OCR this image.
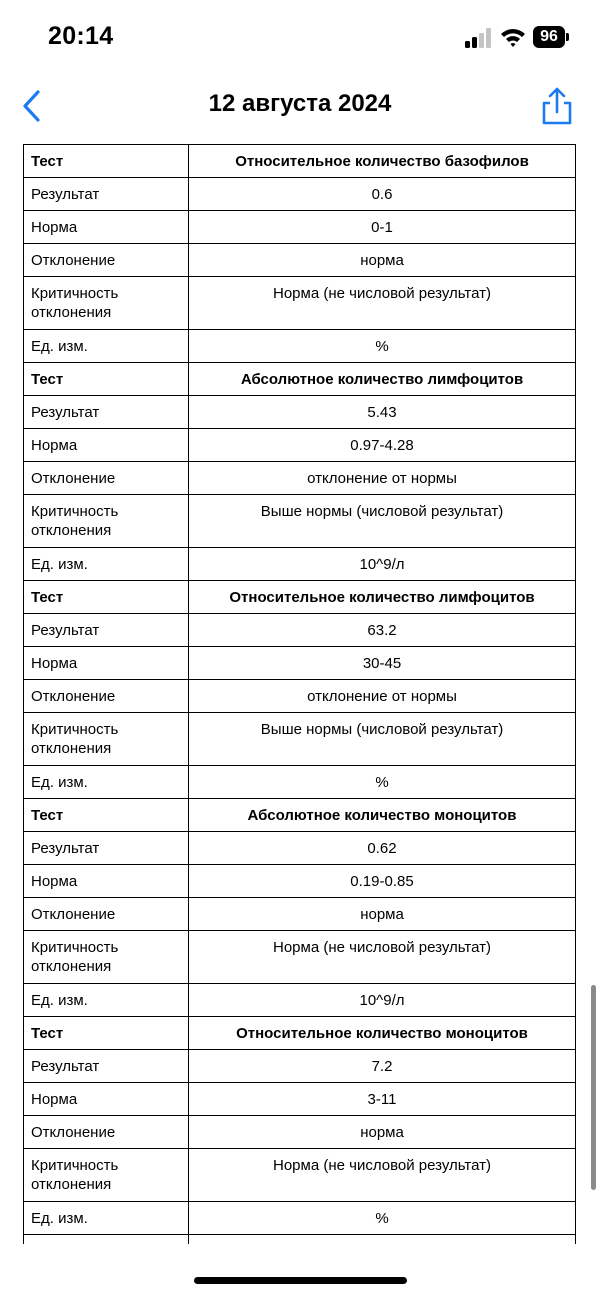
20:14	96
12 августа 2024
Тест	Относительное количество базофилов
Результат	0.6
Норма	0-1
Отклонение	норма
Критичность отклонения	Норма (не числовой результат)
Ед. изм.	%
Тест	Абсолютное количество лимфоцитов
Результат	5.43
Норма	0.97-4.28
Отклонение	отклонение от нормы
Критичность отклонения	Выше нормы (числовой результат)
Ед. изм.	10^9/л
Тест	Относительное количество лимфоцитов
Результат	63.2
Норма	30-45
Отклонение	отклонение от нормы
Критичность отклонения	Выше нормы (числовой результат)
Ед. изм.	%
Тест	Абсолютное количество моноцитов
Результат	0.62
Норма	0.19-0.85
Отклонение	норма
Критичность отклонения	Норма (не числовой результат)
Ед. изм.	10^9/л
Тест	Относительное количество моноцитов
Результат	7.2
Норма	3-11
Отклонение	норма
Критичность отклонения	Норма (не числовой результат)
Ед. изм.	%
